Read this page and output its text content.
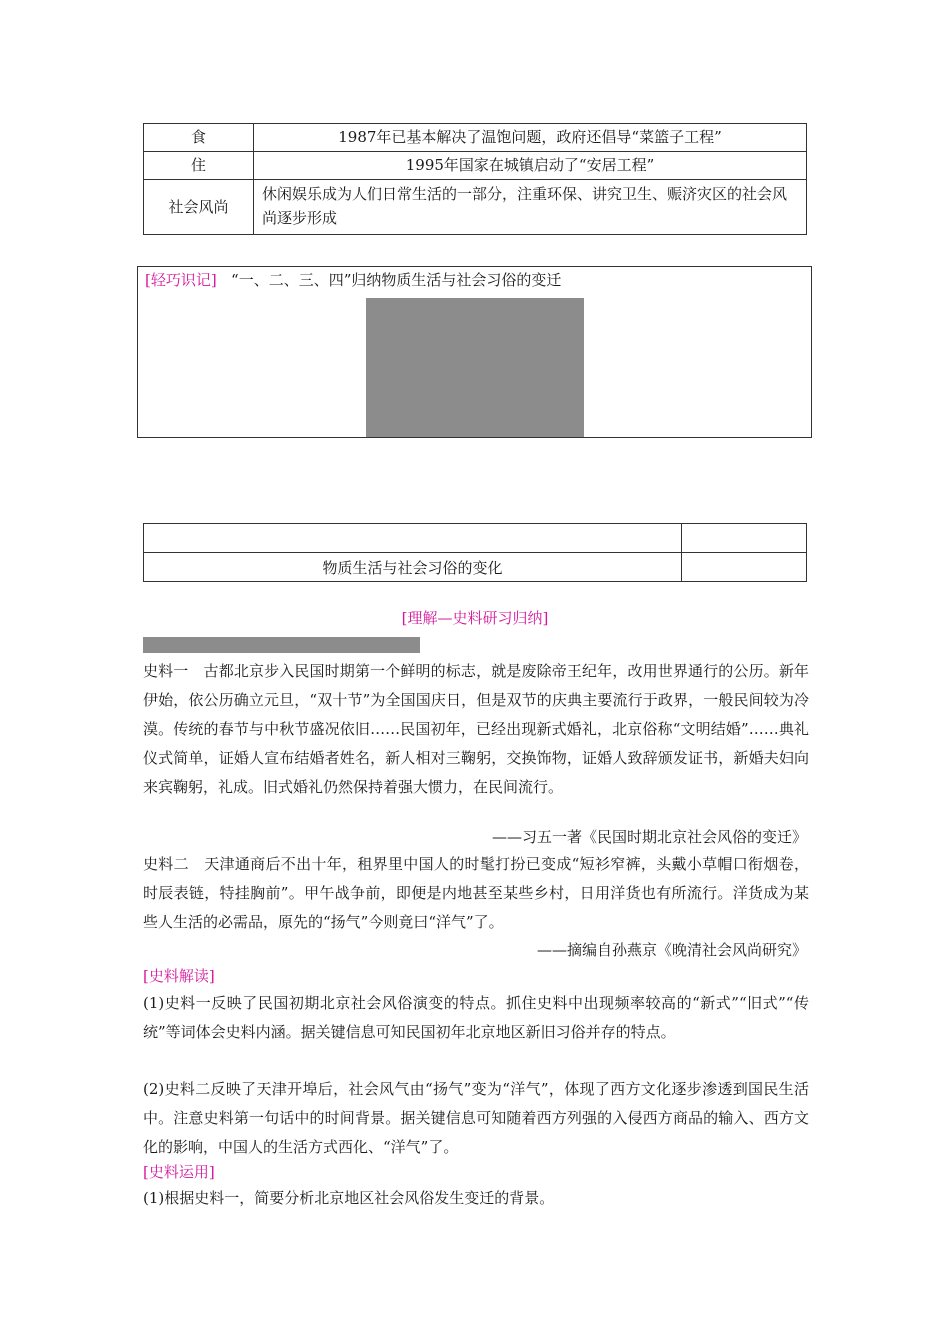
食	1987年已基本解决了温饱问题，政府还倡导“菜篮子工程”
住	1995年国家在城镇启动了“安居工程”
社会风尚	休闲娱乐成为人们日常生活的一部分，注重环保、讲究卫生、赈济灾区的社会风尚逐步形成
[轻巧识记] “一、二、三、四”归纳物质生活与社会习俗的变迁

物质生活与社会习俗的变化	
[理解—史料研习归纳]
史料一　古都北京步入民国时期第一个鲜明的标志，就是废除帝王纪年，改用世界通行的公历。新年伊始，依公历确立元旦，“双十节”为全国国庆日，但是双节的庆典主要流行于政界，一般民间较为冷漠。传统的春节与中秋节盛况依旧……民国初年，已经出现新式婚礼，北京俗称“文明结婚”……典礼仪式简单，证婚人宣布结婚者姓名，新人相对三鞠躬，交换饰物，证婚人致辞颁发证书，新婚夫妇向来宾鞠躬，礼成。旧式婚礼仍然保持着强大惯力，在民间流行。
——习五一著《民国时期北京社会风俗的变迁》
史料二　天津通商后不出十年，租界里中国人的时髦打扮已变成“短衫窄裤，头戴小草帽口衔烟卷，时辰表链，特挂胸前”。甲午战争前，即便是内地甚至某些乡村，日用洋货也有所流行。洋货成为某些人生活的必需品，原先的“扬气”今则竟曰“洋气”了。
——摘编自孙燕京《晚清社会风尚研究》
[史料解读]
(1)史料一反映了民国初期北京社会风俗演变的特点。抓住史料中出现频率较高的“新式”“旧式”“传统”等词体会史料内涵。据关键信息可知民国初年北京地区新旧习俗并存的特点。
(2)史料二反映了天津开埠后，社会风气由“扬气”变为“洋气”，体现了西方文化逐步渗透到国民生活中。注意史料第一句话中的时间背景。据关键信息可知随着西方列强的入侵西方商品的输入、西方文化的影响，中国人的生活方式西化、“洋气”了。
[史料运用]
(1)根据史料一，简要分析北京地区社会风俗发生变迁的背景。
